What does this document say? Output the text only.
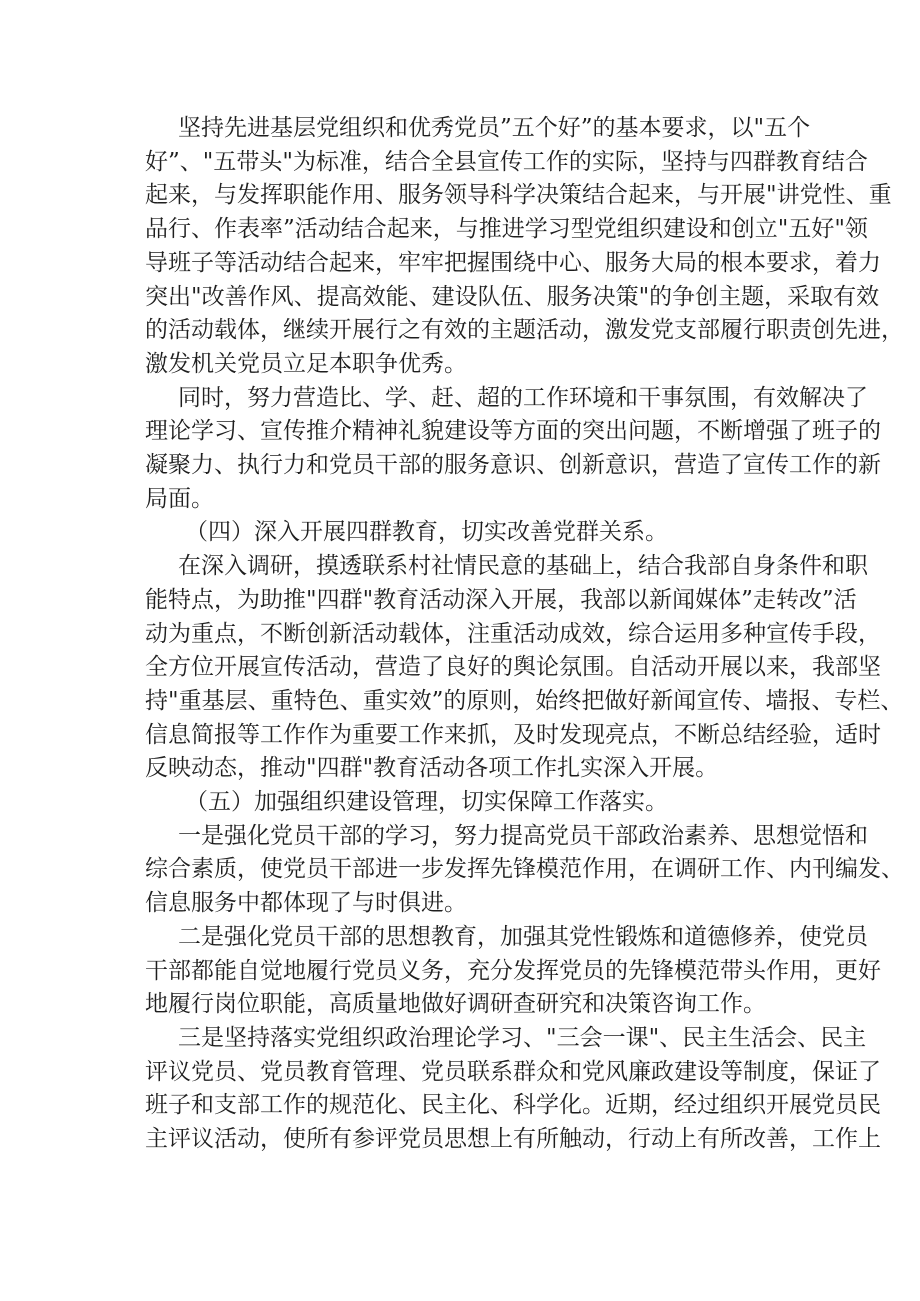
坚持先进基层党组织和优秀党员”五个好”的基本要求，以"五个
好”、"五带头"为标准，结合全县宣传工作的实际，坚持与四群教育结合
起来，与发挥职能作用、服务领导科学决策结合起来，与开展"讲党性、重
品行、作表率”活动结合起来，与推进学习型党组织建设和创立"五好"领
导班子等活动结合起来，牢牢把握围绕中心、服务大局的根本要求，着力
突出"改善作风、提高效能、建设队伍、服务决策"的争创主题，采取有效
的活动载体，继续开展行之有效的主题活动，激发党支部履行职责创先进，
激发机关党员立足本职争优秀。
同时，努力营造比、学、赶、超的工作环境和干事氛围，有效解决了
理论学习、宣传推介精神礼貌建设等方面的突出问题，不断增强了班子的
凝聚力、执行力和党员干部的服务意识、创新意识，营造了宣传工作的新
局面。
（四）深入开展四群教育，切实改善党群关系。
在深入调研，摸透联系村社情民意的基础上，结合我部自身条件和职
能特点，为助推"四群"教育活动深入开展，我部以新闻媒体”走转改”活
动为重点，不断创新活动载体，注重活动成效，综合运用多种宣传手段，
全方位开展宣传活动，营造了良好的舆论氛围。自活动开展以来，我部坚
持"重基层、重特色、重实效”的原则，始终把做好新闻宣传、墙报、专栏、
信息简报等工作作为重要工作来抓，及时发现亮点，不断总结经验，适时
反映动态，推动"四群"教育活动各项工作扎实深入开展。
（五）加强组织建设管理，切实保障工作落实。
一是强化党员干部的学习，努力提高党员干部政治素养、思想觉悟和
综合素质，使党员干部进一步发挥先锋模范作用，在调研工作、内刊编发、
信息服务中都体现了与时俱进。
二是强化党员干部的思想教育，加强其党性锻炼和道德修养，使党员
干部都能自觉地履行党员义务，充分发挥党员的先锋模范带头作用，更好
地履行岗位职能，高质量地做好调研查研究和决策咨询工作。
三是坚持落实党组织政治理论学习、"三会一课"、民主生活会、民主
评议党员、党员教育管理、党员联系群众和党风廉政建设等制度，保证了
班子和支部工作的规范化、民主化、科学化。近期，经过组织开展党员民
主评议活动，使所有参评党员思想上有所触动，行动上有所改善，工作上
